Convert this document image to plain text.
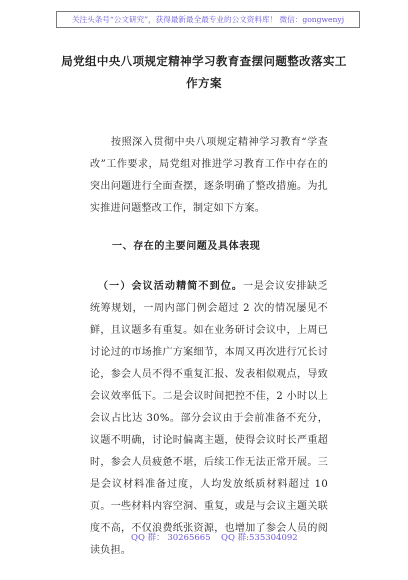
关注头条号“公文研究”，获得最新最全最专业的公文资料库！ 微信：gongwenyj
局党组中央八项规定精神学习教育查摆问题整改落实工作方案
按照深入贯彻中央八项规定精神学习教育“学查改”工作要求，局党组对推进学习教育工作中存在的突出问题进行全面查摆，逐条明确了整改措施。为扎实推进问题整改工作，制定如下方案。
一、存在的主要问题及具体表现
（一）会议活动精简不到位。一是会议安排缺乏统筹规划，一周内部门例会超过 2 次的情况屡见不鲜，且议题多有重复。如在业务研讨会议中，上周已讨论过的市场推广方案细节，本周又再次进行冗长讨论，参会人员不得不重复汇报、发表相似观点，导致会议效率低下。二是会议时间把控不佳，2 小时以上会议占比达 30%。部分会议由于会前准备不充分，议题不明确，讨论时偏离主题，使得会议时长严重超时，参会人员疲惫不堪，后续工作无法正常开展。三是会议材料准备过度，人均发放纸质材料超过 10 页。一些材料内容空洞、重复，或是与会议主题关联度不高，不仅浪费纸张资源，也增加了参会人员的阅读负担。
QQ 群： 30265665 QQ 群:535304092
